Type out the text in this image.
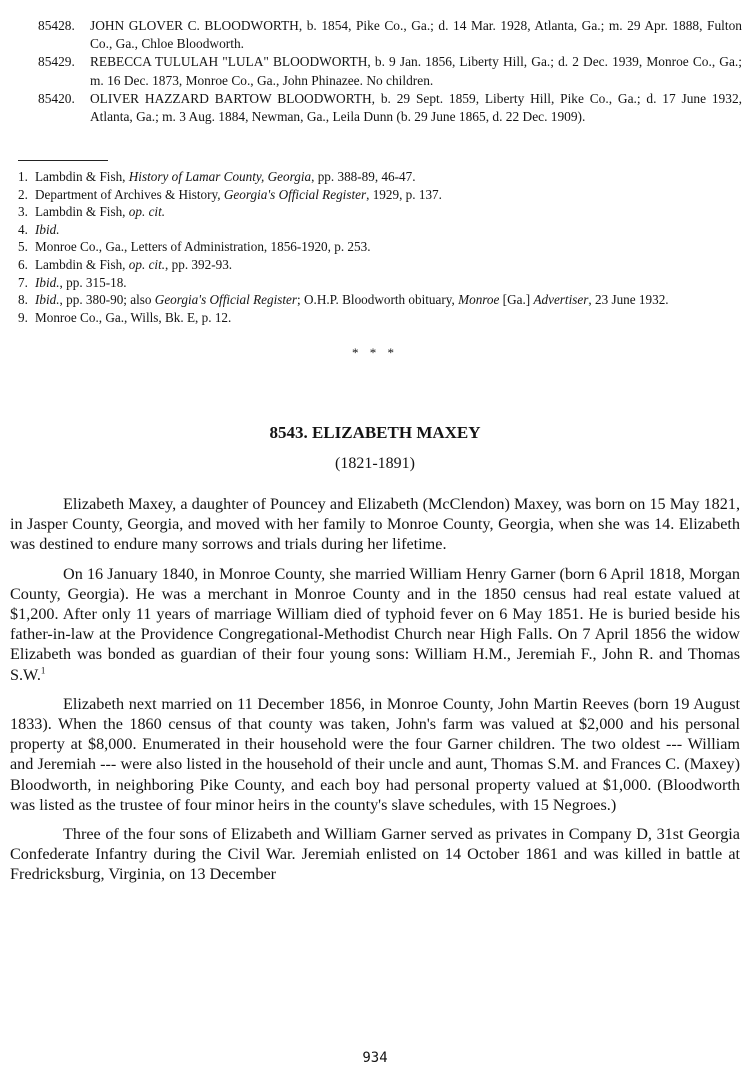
85428. JOHN GLOVER C. BLOODWORTH, b. 1854, Pike Co., Ga.; d. 14 Mar. 1928, Atlanta, Ga.; m. 29 Apr. 1888, Fulton Co., Ga., Chloe Bloodworth.
85429. REBECCA TULULAH "LULA" BLOODWORTH, b. 9 Jan. 1856, Liberty Hill, Ga.; d. 2 Dec. 1939, Monroe Co., Ga.; m. 16 Dec. 1873, Monroe Co., Ga., John Phinazee. No children.
85420. OLIVER HAZZARD BARTOW BLOODWORTH, b. 29 Sept. 1859, Liberty Hill, Pike Co., Ga.; d. 17 June 1932, Atlanta, Ga.; m. 3 Aug. 1884, Newman, Ga., Leila Dunn (b. 29 June 1865, d. 22 Dec. 1909).
1. Lambdin & Fish, History of Lamar County, Georgia, pp. 388-89, 46-47.
2. Department of Archives & History, Georgia's Official Register, 1929, p. 137.
3. Lambdin & Fish, op. cit.
4. Ibid.
5. Monroe Co., Ga., Letters of Administration, 1856-1920, p. 253.
6. Lambdin & Fish, op. cit., pp. 392-93.
7. Ibid., pp. 315-18.
8. Ibid., pp. 380-90; also Georgia's Official Register; O.H.P. Bloodworth obituary, Monroe [Ga.] Advertiser, 23 June 1932.
9. Monroe Co., Ga., Wills, Bk. E, p. 12.
* * *
8543. ELIZABETH MAXEY
(1821-1891)

Elizabeth Maxey, a daughter of Pouncey and Elizabeth (McClendon) Maxey, was born on 15 May 1821, in Jasper County, Georgia, and moved with her family to Monroe County, Georgia, when she was 14. Elizabeth was destined to endure many sorrows and trials during her lifetime.

On 16 January 1840, in Monroe County, she married William Henry Garner (born 6 April 1818, Morgan County, Georgia). He was a merchant in Monroe County and in the 1850 census had real estate valued at $1,200. After only 11 years of marriage William died of typhoid fever on 6 May 1851. He is buried beside his father-in-law at the Providence Congregational-Methodist Church near High Falls. On 7 April 1856 the widow Elizabeth was bonded as guardian of their four young sons: William H.M., Jeremiah F., John R. and Thomas S.W.$^1$

Elizabeth next married on 11 December 1856, in Monroe County, John Martin Reeves (born 19 August 1833). When the 1860 census of that county was taken, John's farm was valued at $2,000 and his personal property at $8,000. Enumerated in their household were the four Garner children. The two oldest --- William and Jeremiah --- were also listed in the household of their uncle and aunt, Thomas S.M. and Frances C. (Maxey) Bloodworth, in neighboring Pike County, and each boy had personal property valued at $1,000. (Bloodworth was listed as the trustee of four minor heirs in the county's slave schedules, with 15 Negroes.)

Three of the four sons of Elizabeth and William Garner served as privates in Company D, 31st Georgia Confederate Infantry during the Civil War. Jeremiah enlisted on 14 October 1861 and was killed in battle at Fredricksburg, Virginia, on 13 December

934
